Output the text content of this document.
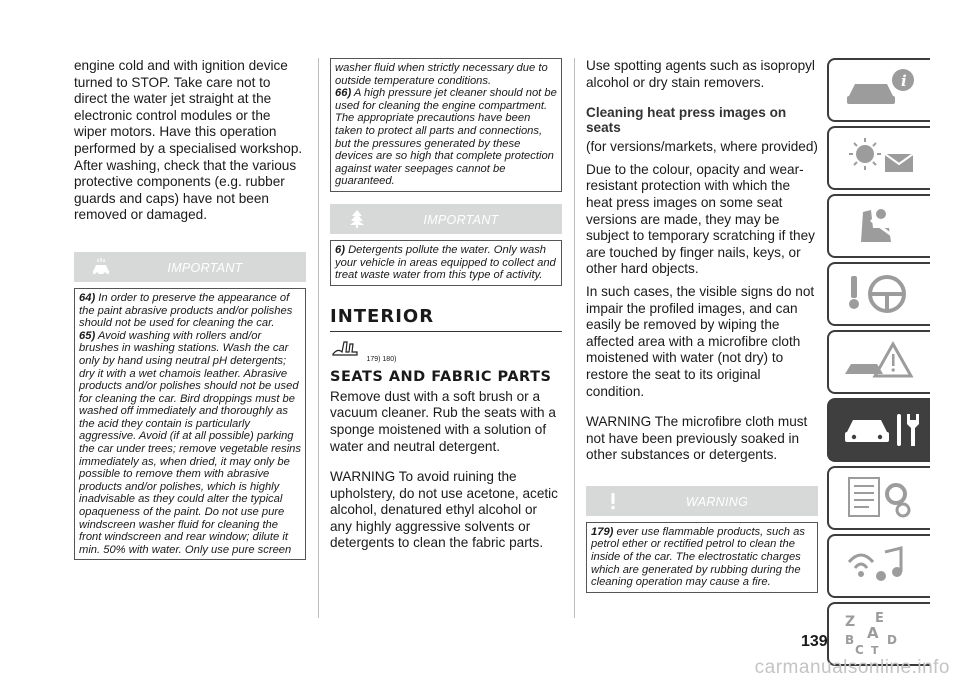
engine cold and with ignition device turned to STOP. Take care not to direct the water jet straight at the electronic control modules or the wiper motors. Have this operation performed by a specialised workshop. After washing, check that the various protective components (e.g. rubber guards and caps) have not been removed or damaged.

IMPORTANT

64) In order to preserve the appearance of the paint abrasive products and/or polishes should not be used for cleaning the car.

65) Avoid washing with rollers and/or brushes in washing stations. Wash the car only by hand using neutral pH detergents; dry it with a wet chamois leather. Abrasive products and/or polishes should not be used for cleaning the car. Bird droppings must be washed off immediately and thoroughly as the acid they contain is particularly aggressive. Avoid (if at all possible) parking the car under trees; remove vegetable resins immediately as, when dried, it may only be possible to remove them with abrasive products and/or polishes, which is highly inadvisable as they could alter the typical opaqueness of the paint. Do not use pure windscreen washer fluid for cleaning the front windscreen and rear window; dilute it min. 50% with water. Only use pure screen

washer fluid when strictly necessary due to outside temperature conditions.

66) A high pressure jet cleaner should not be used for cleaning the engine compartment. The appropriate precautions have been taken to protect all parts and connections, but the pressures generated by these devices are so high that complete protection against water seepages cannot be guaranteed.

IMPORTANT

6) Detergents pollute the water. Only wash your vehicle in areas equipped to collect and treat waste water from this type of activity.

INTERIOR
179) 180)
SEATS AND FABRIC PARTS

Remove dust with a soft brush or a vacuum cleaner. Rub the seats with a sponge moistened with a solution of water and neutral detergent.

WARNING To avoid ruining the upholstery, do not use acetone, acetic alcohol, denatured ethyl alcohol or any highly aggressive solvents or detergents to clean the fabric parts.

Use spotting agents such as isopropyl alcohol or dry stain removers.

Cleaning heat press images on seats

(for versions/markets, where provided)

Due to the colour, opacity and wear-resistant protection with which the heat press images on some seat versions are made, they may be subject to temporary scratching if they are touched by finger nails, keys, or other hard objects.

In such cases, the visible signs do not impair the profiled images, and can easily be removed by wiping the affected area with a microfibre cloth moistened with water (not dry) to restore the seat to its original condition.

WARNING The microfibre cloth must not have been previously soaked in other substances or detergents.

WARNING

179) ever use flammable products, such as petrol ether or rectified petrol to clean the inside of the car. The electrostatic charges which are generated by rubbing during the cleaning operation may cause a fire.

i
Z E
A
B	D
C T
139
carmanualsonline.info
